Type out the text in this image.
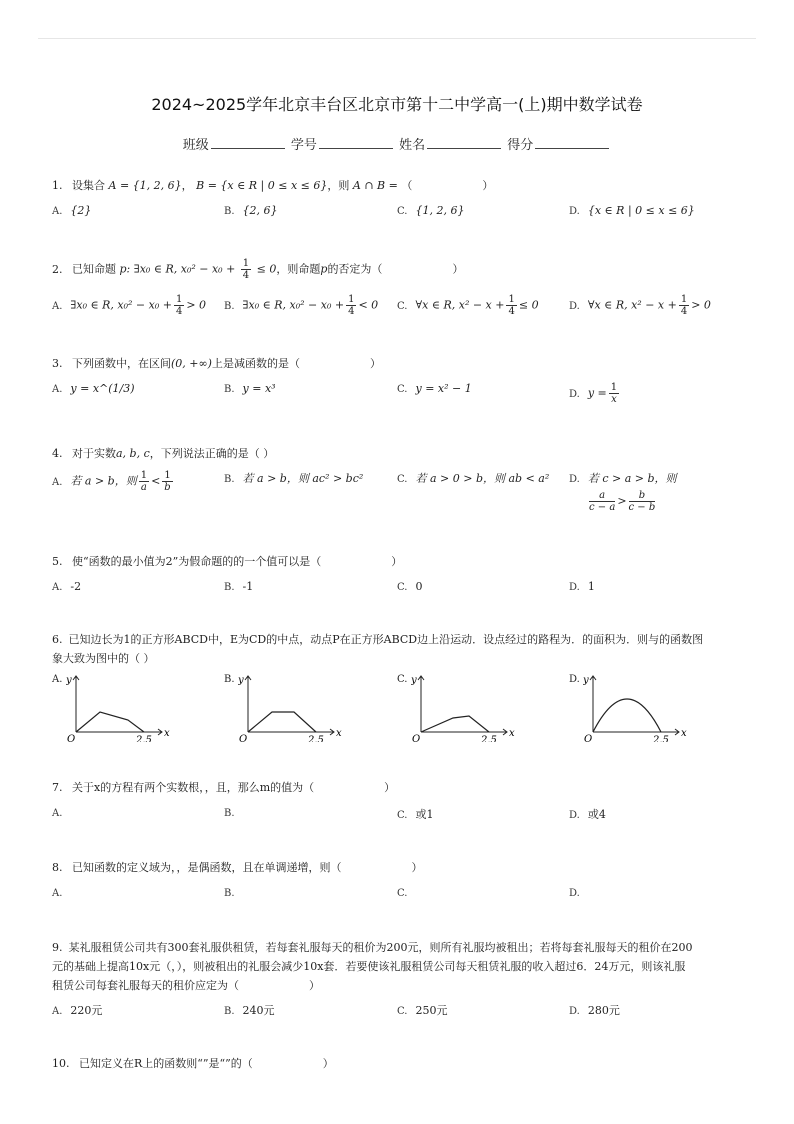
2024~2025学年北京丰台区北京市第十二中学高一(上)期中数学试卷
班级	学号	姓名	得分
1. 设集合 A = {1, 2, 6}， B = {x ∈ R | 0 ≤ x ≤ 6}，则 A ∩ B = （	）
A. {2}	B. {2, 6}	C. {1, 2, 6}	D. {x ∈ R | 0 ≤ x ≤ 6}
2. 已知命题 p: ∃x₀ ∈ R, $x_0^2 - x_0 + \frac{1}{4} \le 0$，则命题p的否定为（	）
A. ∃x₀ ∈ R, $x_0^2 - x_0 + \frac{1}{4} > 0$ B. ∃x₀ ∈ R, $x_0^2 - x_0 + \frac{1}{4} < 0$ C. ∀x ∈ R, $x^2 - x + \frac{1}{4} \le 0$	D. ∀x ∈ R, $x^2 - x + \frac{1}{4} > 0$
3. 下列函数中，在区间(0, +∞)上是减函数的是（	）
A. y = x^(1/3)	B. y = x³	C. y = x² − 1	D. $y = \frac{1}{x}$
4. 对于实数a, b, c，下列说法正确的是（ ）
A. 若 a > b，则 $\frac{1}{a} < \frac{1}{b}$	B. 若 a > b，则 ac² > bc²	C. 若 a > 0 > b，则 ab < a² D. 若 c > a > b，则
$\frac{a}{c - a} > \frac{b}{c - b}$
5. 使“函数的最小值为2”为假命题的的一个值可以是（	）
A. -2	B. -1	C. 0	D. 1
6. 已知边长为1的正方形ABCD中，E为CD的中点，动点P在正方形ABCD边上沿运动．设点经过的路程为．的面积为．则与的函数图
象大致为图中的（ ）
A.
O
y
x
2.5
B.
O
y
x
2.5
C.
O
y
x
2.5
D.
O
y
x
2.5
7. 关于x的方程有两个实数根，，且，那么m的值为（	）
A.	B.	C. 或1	D. 或4
8. 已知函数的定义域为，，是偶函数，且在单调递增，则（	）
A.	B.	C.	D.
9. 某礼服租赁公司共有300套礼服供租赁，若每套礼服每天的租价为200元，则所有礼服均被租出；若将每套礼服每天的租价在200
元的基础上提高10x元（，），则被租出的礼服会减少10x套．若要使该礼服租赁公司每天租赁礼服的收入超过6．24万元，则该礼服
租赁公司每套礼服每天的租价应定为（	）
A. 220元	B. 240元	C. 250元	D. 280元
10. 已知定义在R上的函数则“”是“”的（	）
